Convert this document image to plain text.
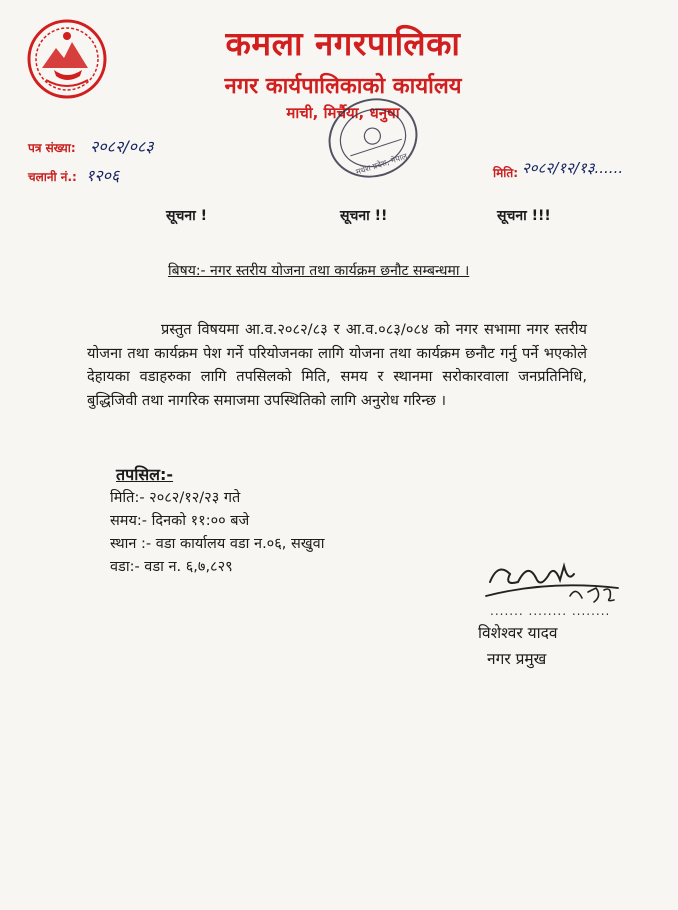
कमला नगरपालिका
नगर कार्यपालिकाको कार्यालय
माची, मिर्चैया, धनुषा
मधेश प्रदेश, नेपाल
पत्र संख्या: २०८२/०८३
चलानी नं.: १२०६	मिति: २०८२/१२/१३......
सूचना !	सूचना !!	सूचना !!!
बिषय:- नगर स्तरीय योजना तथा कार्यक्रम छनौट सम्बन्धमा ।
प्रस्तुत विषयमा आ.व.२०८२/८३ र आ.व.०८३/०८४ को नगर सभामा नगर स्तरीय योजना तथा कार्यक्रम पेश गर्ने परियोजनका लागि योजना तथा कार्यक्रम छनौट गर्नु पर्ने भएकोले देहायका वडाहरुका लागि तपसिलको मिति, समय र स्थानमा सरोकारवाला जनप्रतिनिधि, बुद्धिजिवी तथा नागरिक समाजमा उपस्थितिको लागि अनुरोध गरिन्छ ।
तपसिल:-
मिति:- २०८२/१२/२३ गते
समय:- दिनको ११:०० बजे
स्थान :- वडा कार्यालय वडा न.०६, सखुवा
वडा:- वडा न. ६,७,८२९
....... ........ ........
विशेश्वर यादव
नगर प्रमुख
